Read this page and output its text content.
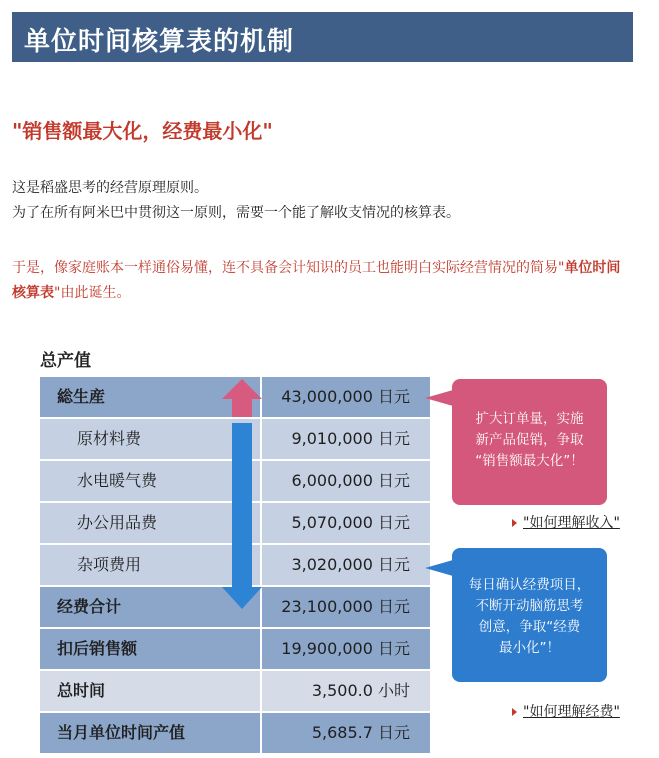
单位时间核算表的机制
"销售额最大化，经费最小化"
这是稻盛思考的经营原理原则。
为了在所有阿米巴中贯彻这一原则，需要一个能了解收支情况的核算表。
于是，像家庭账本一样通俗易懂，连不具备会计知识的员工也能明白实际经营情况的简易"单位时间核算表"由此诞生。
总产值
総生産	43,000,000 日元
原材料费	9,010,000 日元
水电暖气费	6,000,000 日元
办公用品费	5,070,000 日元
杂项费用	3,020,000 日元
经费合计	23,100,000 日元
扣后销售额	19,900,000 日元
总时间	3,500.0 小时
当月单位时间产值	5,685.7 日元
扩大订单量，实施
新产品促销，争取
“销售额最大化”！
每日确认经费项目，
不断开动脑筋思考
创意，争取“经费
最小化”！
"如何理解收入"
"如何理解经费"
